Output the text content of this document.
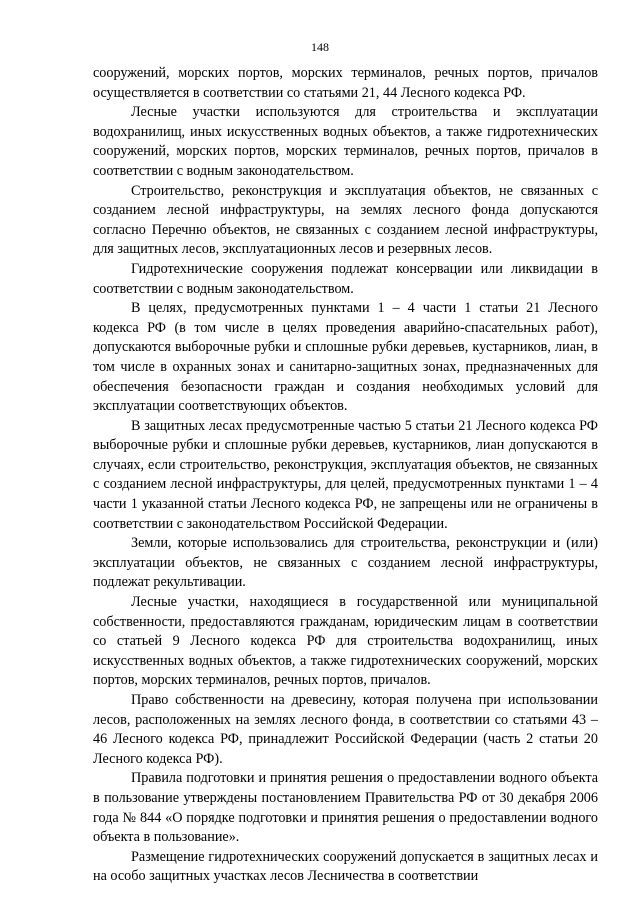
148

сооружений, морских портов, морских терминалов, речных портов, причалов осуществляется в соответствии со статьями 21, 44 Лесного кодекса РФ.

Лесные участки используются для строительства и эксплуатации водохранилищ, иных искусственных водных объектов, а также гидротехнических сооружений, морских портов, морских терминалов, речных портов, причалов в соответствии с водным законодательством.

Строительство, реконструкция и эксплуатация объектов, не связанных с созданием лесной инфраструктуры, на землях лесного фонда допускаются согласно Перечню объектов, не связанных с созданием лесной инфраструктуры, для защитных лесов, эксплуатационных лесов и резервных лесов.

Гидротехнические сооружения подлежат консервации или ликвидации в соответствии с водным законодательством.

В целях, предусмотренных пунктами 1 – 4 части 1 статьи 21 Лесного кодекса РФ (в том числе в целях проведения аварийно-спасательных работ), допускаются выборочные рубки и сплошные рубки деревьев, кустарников, лиан, в том числе в охранных зонах и санитарно-защитных зонах, предназначенных для обеспечения безопасности граждан и создания необходимых условий для эксплуатации соответствующих объектов.

В защитных лесах предусмотренные частью 5 статьи 21 Лесного кодекса РФ выборочные рубки и сплошные рубки деревьев, кустарников, лиан допускаются в случаях, если строительство, реконструкция, эксплуатация объектов, не связанных с созданием лесной инфраструктуры, для целей, предусмотренных пунктами 1 – 4 части 1 указанной статьи Лесного кодекса РФ, не запрещены или не ограничены в соответствии с законодательством Российской Федерации.

Земли, которые использовались для строительства, реконструкции и (или) эксплуатации объектов, не связанных с созданием лесной инфраструктуры, подлежат рекультивации.

Лесные участки, находящиеся в государственной или муниципальной собственности, предоставляются гражданам, юридическим лицам в соответствии со статьей 9 Лесного кодекса РФ для строительства водохранилищ, иных искусственных водных объектов, а также гидротехнических сооружений, морских портов, морских терминалов, речных портов, причалов.

Право собственности на древесину, которая получена при использовании лесов, расположенных на землях лесного фонда, в соответствии со статьями 43 – 46 Лесного кодекса РФ, принадлежит Российской Федерации (часть 2 статьи 20 Лесного кодекса РФ).

Правила подготовки и принятия решения о предоставлении водного объекта в пользование утверждены постановлением Правительства РФ от 30 декабря 2006 года № 844 «О порядке подготовки и принятия решения о предоставлении водного объекта в пользование».

Размещение гидротехнических сооружений допускается в защитных лесах и на особо защитных участках лесов Лесничества в соответствии
